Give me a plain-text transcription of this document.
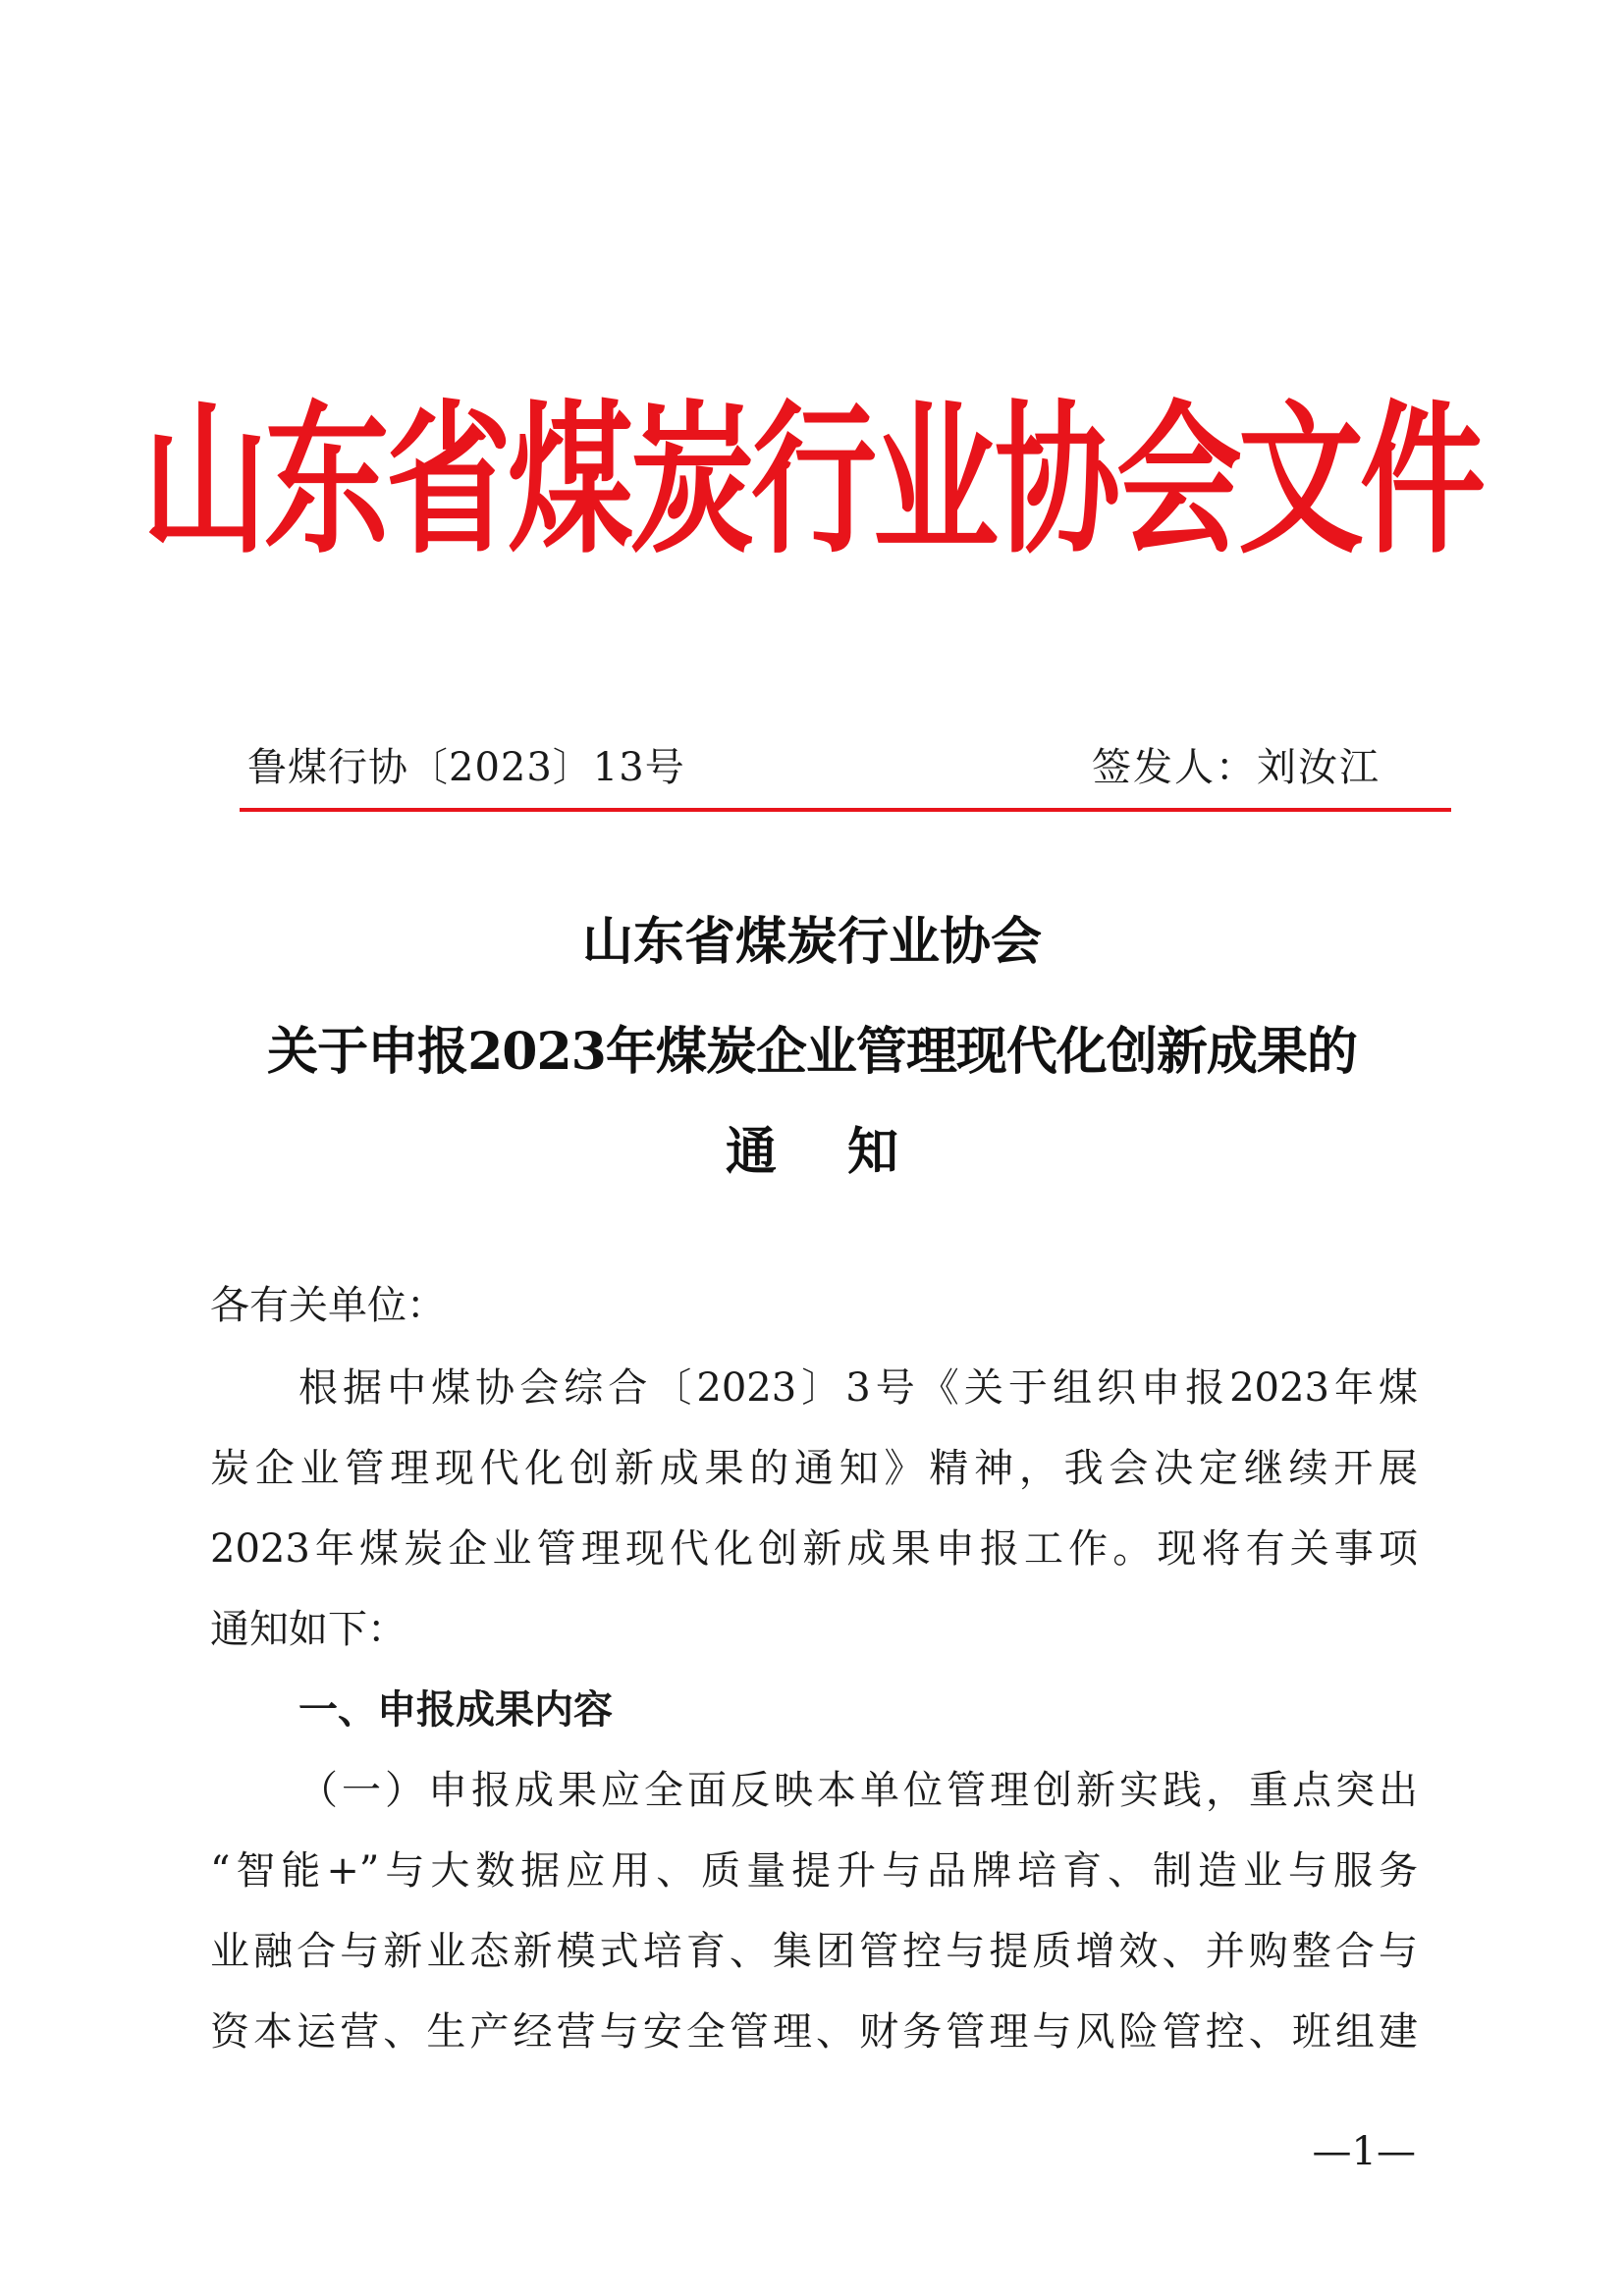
山东省煤炭行业协会文件
鲁煤行协〔2023〕13号	签发人：刘汝江
山东省煤炭行业协会
关于申报2023年煤炭企业管理现代化创新成果的
通知
各有关单位：
根据中煤协会综合〔2023〕3号《关于组织申报2023年煤
炭企业管理现代化创新成果的通知》精神，我会决定继续开展
2023年煤炭企业管理现代化创新成果申报工作。现将有关事项
通知如下：
一、申报成果内容
（一）申报成果应全面反映本单位管理创新实践，重点突出
“智能+”与大数据应用、质量提升与品牌培育、制造业与服务
业融合与新业态新模式培育、集团管控与提质增效、并购整合与
资本运营、生产经营与安全管理、财务管理与风险管控、班组建
—1—
